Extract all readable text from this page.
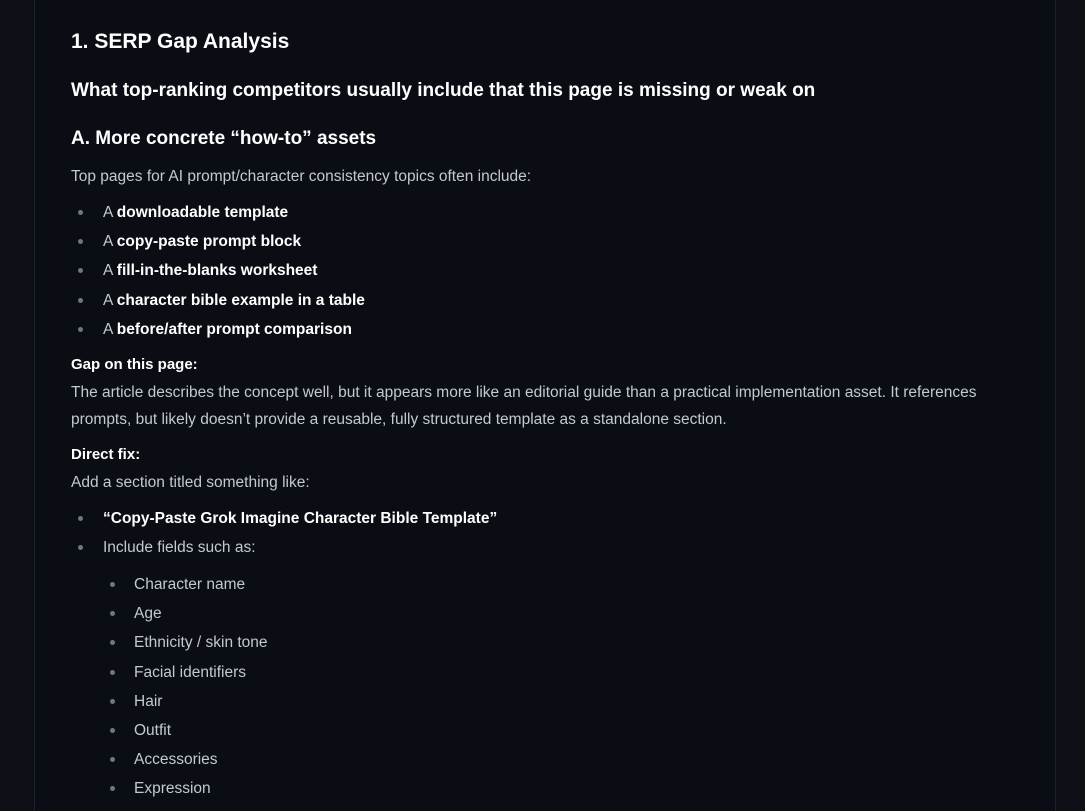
1. SERP Gap Analysis
What top-ranking competitors usually include that this page is missing or weak on
A. More concrete “how-to” assets

Top pages for AI prompt/character consistency topics often include:

A downloadable template
A copy-paste prompt block
A fill-in-the-blanks worksheet
A character bible example in a table
A before/after prompt comparison

Gap on this page:

The article describes the concept well, but it appears more like an editorial guide than a practical implementation asset. It references prompts, but likely doesn’t provide a reusable, fully structured template as a standalone section.

Direct fix:

Add a section titled something like:

“Copy-Paste Grok Imagine Character Bible Template”
Include fields such as:
Character name
Age
Ethnicity / skin tone
Facial identifiers
Hair
Outfit
Accessories
Expression
